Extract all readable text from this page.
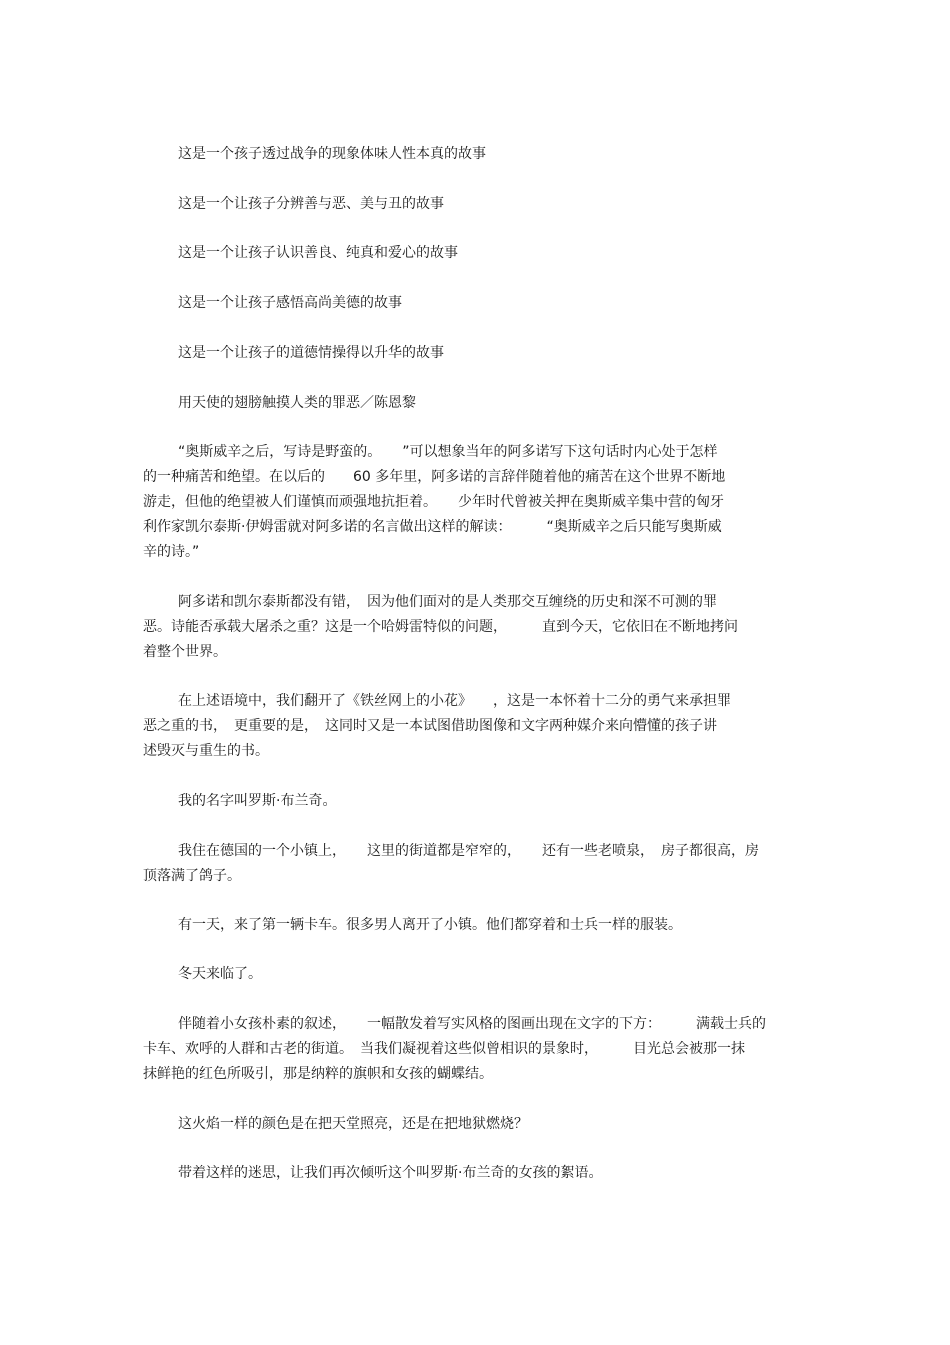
这是一个孩子透过战争的现象体味人性本真的故事
这是一个让孩子分辨善与恶、美与丑的故事
这是一个让孩子认识善良、纯真和爱心的故事
这是一个让孩子感悟高尚美德的故事
这是一个让孩子的道德情操得以升华的故事
用天使的翅膀触摸人类的罪恶／陈恩黎
“奥斯威辛之后，写诗是野蛮的。　　”可以想象当年的阿多诺写下这句话时内心处于怎样
的一种痛苦和绝望。在以后的　　60 多年里，阿多诺的言辞伴随着他的痛苦在这个世界不断地
游走，但他的绝望被人们谨慎而顽强地抗拒着。　　少年时代曾被关押在奥斯威辛集中营的匈牙
利作家凯尔泰斯·伊姆雷就对阿多诺的名言做出这样的解读：　　　“奥斯威辛之后只能写奥斯威
辛的诗。”
阿多诺和凯尔泰斯都没有错，　因为他们面对的是人类那交互缠绕的历史和深不可测的罪
恶。诗能否承载大屠杀之重？这是一个哈姆雷特似的问题，　　　直到今天，它依旧在不断地拷问
着整个世界。
在上述语境中，我们翻开了《铁丝网上的小花》　　，这是一本怀着十二分的勇气来承担罪
恶之重的书，　更重要的是，　这同时又是一本试图借助图像和文字两种媒介来向懵懂的孩子讲
述毁灭与重生的书。
我的名字叫罗斯·布兰奇。
我住在德国的一个小镇上，　　这里的街道都是窄窄的，　　还有一些老喷泉，　房子都很高，房
顶落满了鸽子。
有一天，来了第一辆卡车。很多男人离开了小镇。他们都穿着和士兵一样的服装。
冬天来临了。
伴随着小女孩朴素的叙述，　　一幅散发着写实风格的图画出现在文字的下方：　　　满载士兵的
卡车、欢呼的人群和古老的街道。　当我们凝视着这些似曾相识的景象时，　　　目光总会被那一抹
抹鲜艳的红色所吸引，那是纳粹的旗帜和女孩的蝴蝶结。
这火焰一样的颜色是在把天堂照亮，还是在把地狱燃烧？
带着这样的迷思，让我们再次倾听这个叫罗斯·布兰奇的女孩的絮语。
